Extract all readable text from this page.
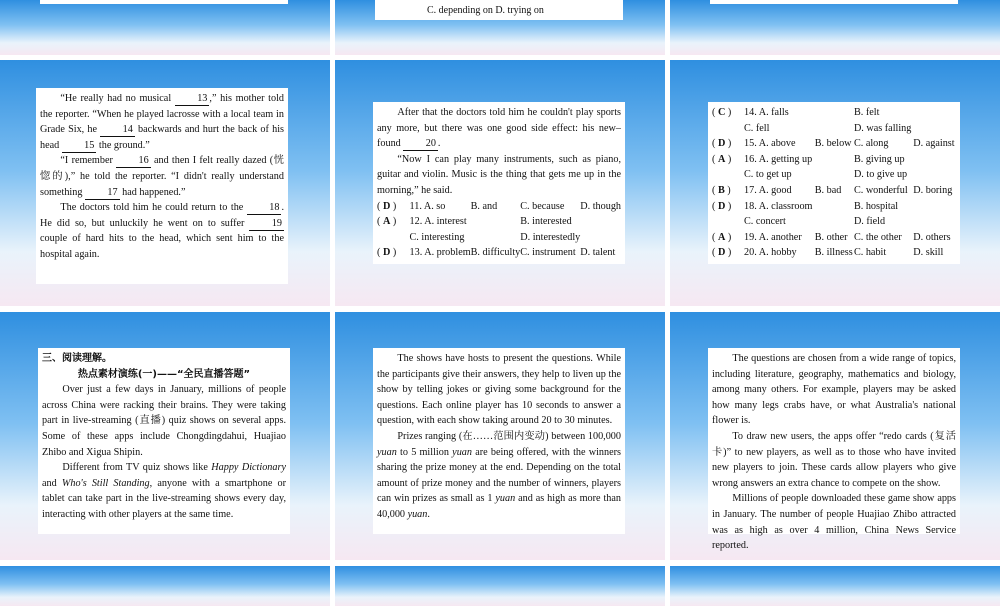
C. depending on D. trying on

“He really had no musical 13 ,” his mother told the reporter. “When he played lacrosse with a local team in Grade Six, he 14 backwards and hurt the back of his head 15 the ground.”

“I remember 16 and then I felt really dazed (恍惚的),” he told the reporter. “I didn't really understand something 17 had happened.”

The doctors told him he could return to the 18 . He did so, but unluckily he went on to suffer 19 couple of hard hits to the head, which sent him to the hospital again.

After that the doctors told him he couldn't play sports any more, but there was one good side effect: his new–found 20 .

“Now I can play many instruments, such as piano, guitar and violin. Music is the thing that gets me up in the morning,” he said.

( D )	11. A. so	B. and	C. because	D. though
( A )	12. A. interest		B. interested	
	C. interesting		D. interestedly	
( D )	13. A. problem	B. difficulty	C. instrument	D. talent
( C )	14. A. falls		B. felt	
	C. fell		D. was falling	
( D )	15. A. above	B. below	C. along	D. against
( A )	16. A. getting up		B. giving up	
	C. to get up		D. to give up	
( B )	17. A. good	B. bad	C. wonderful	D. boring
( D )	18. A. classroom		B. hospital	
	C. concert		D. field	
( A )	19. A. another	B. other	C. the other	D. others
( D )	20. A. hobby	B. illness	C. habit	D. skill
三、阅读理解。
热点素材演练(一)——“全民直播答题”

Over just a few days in January, millions of people across China were racking their brains. They were taking part in live-streaming (直播) quiz shows on several apps. Some of these apps include Chongdingdahui, Huajiao Zhibo and Xigua Shipin.

Different from TV quiz shows like Happy Dictionary and Who's Still Standing, anyone with a smartphone or tablet can take part in the live-streaming shows every day, interacting with other players at the same time.

The shows have hosts to present the questions. While the participants give their answers, they help to liven up the show by telling jokes or giving some background for the questions. Each online player has 10 seconds to answer a question, with each show taking around 20 to 30 minutes.

Prizes ranging (在……范围内变动) between 100,000 yuan to 5 million yuan are being offered, with the winners sharing the prize money at the end. Depending on the total amount of prize money and the number of winners, players can win prizes as small as 1 yuan and as high as more than 40,000 yuan.

The questions are chosen from a wide range of topics, including literature, geography, mathematics and biology, among many others. For example, players may be asked how many legs crabs have, or what Australia's national flower is.

To draw new users, the apps offer “redo cards (复活卡)” to new players, as well as to those who have invited new players to join. These cards allow players who give wrong answers an extra chance to compete on the show.

Millions of people downloaded these game show apps in January. The number of people Huajiao Zhibo attracted was as high as over 4 million, China News Service reported.
